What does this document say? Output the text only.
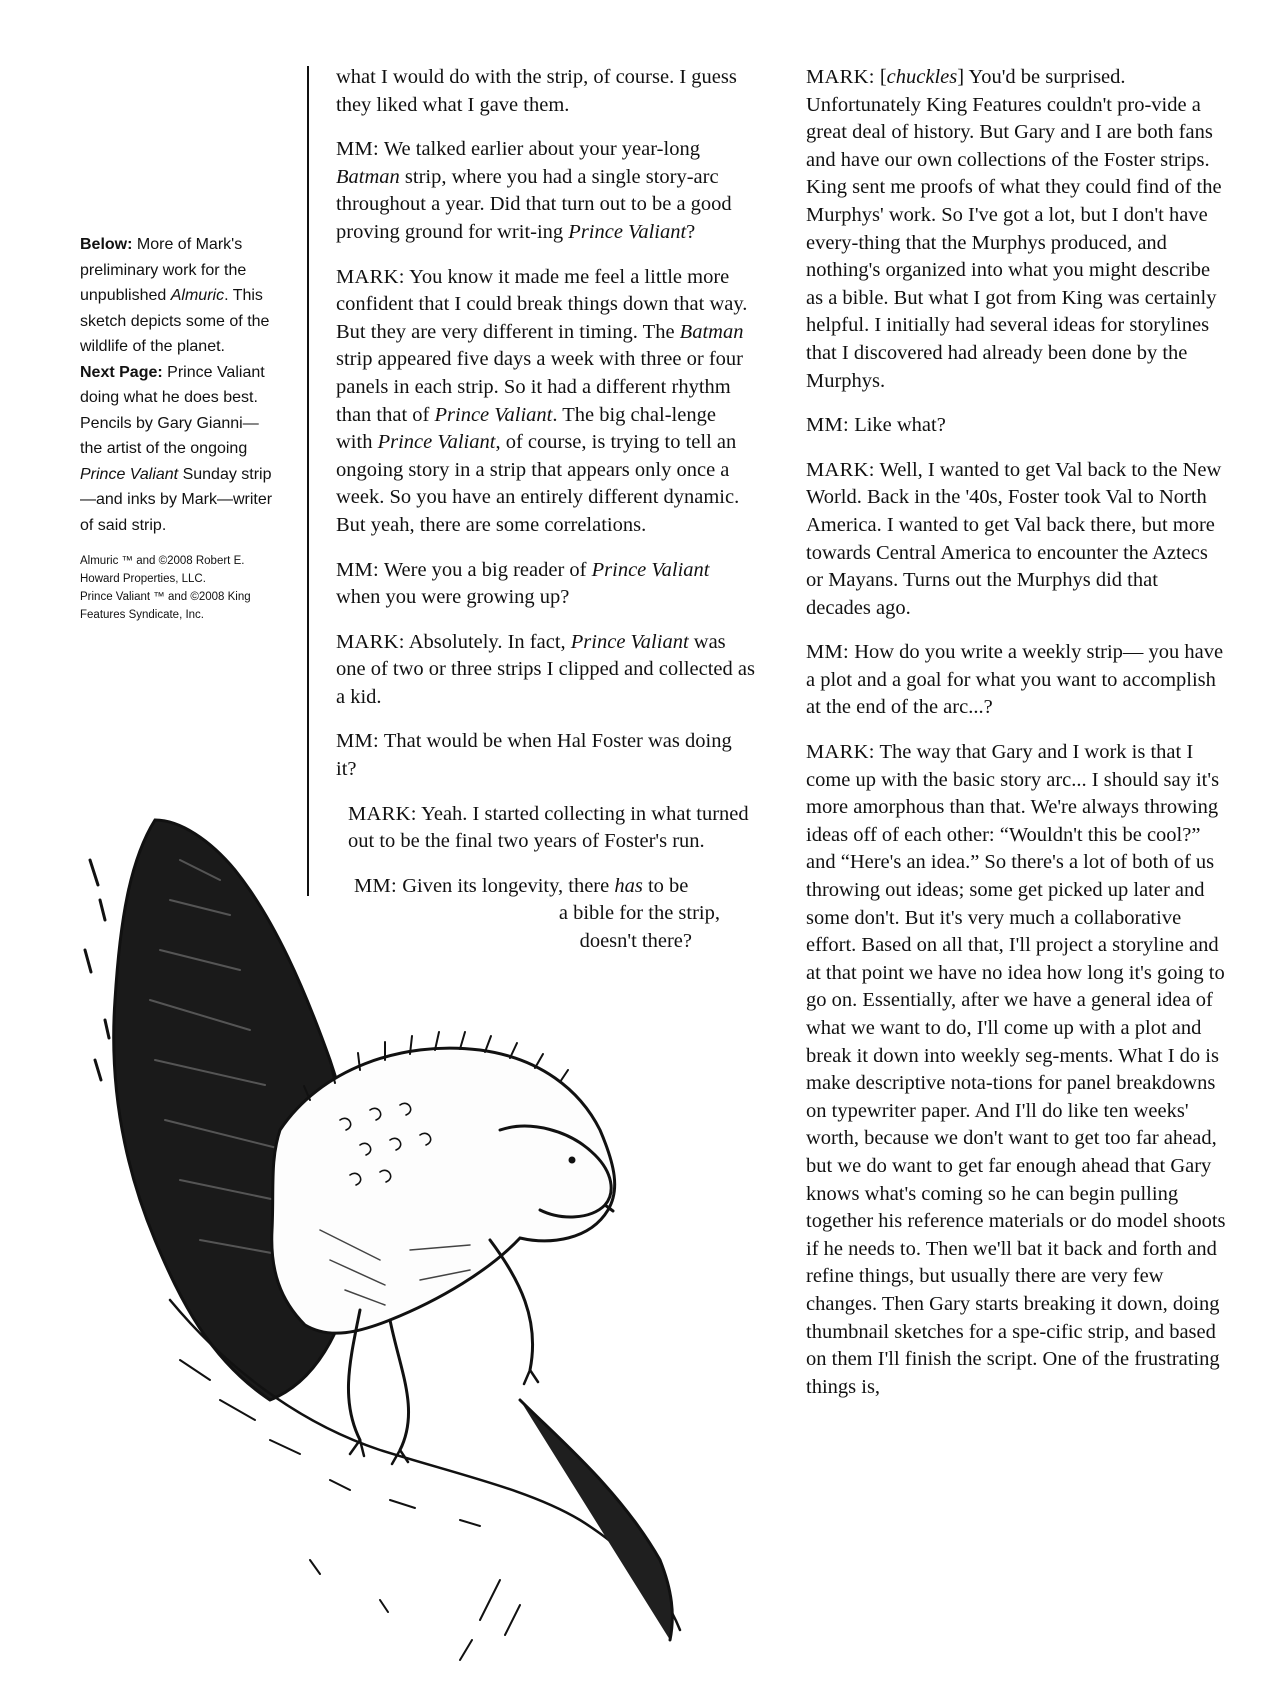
Below: More of Mark's preliminary work for the unpublished Almuric. This sketch depicts some of the wildlife of the planet.

Next Page: Prince Valiant doing what he does best. Pencils by Gary Gianni—the artist of the ongoing Prince Valiant Sunday strip—and inks by Mark—writer of said strip.

Almuric ™ and ©2008 Robert E. Howard Properties, LLC.

Prince Valiant ™ and ©2008 King Features Syndicate, Inc.

what I would do with the strip, of course. I guess they liked what I gave them.

MM: We talked earlier about your year-long Batman strip, where you had a single story-arc throughout a year. Did that turn out to be a good proving ground for writ-ing Prince Valiant?

MARK: You know it made me feel a little more confident that I could break things down that way. But they are very different in timing. The Batman strip appeared five days a week with three or four panels in each strip. So it had a different rhythm than that of Prince Valiant. The big chal-lenge with Prince Valiant, of course, is trying to tell an ongoing story in a strip that appears only once a week. So you have an entirely different dynamic. But yeah, there are some correlations.

MM: Were you a big reader of Prince Valiant when you were growing up?

MARK: Absolutely. In fact, Prince Valiant was one of two or three strips I clipped and collected as a kid.

MM: That would be when Hal Foster was doing it?

MARK: Yeah. I started collecting in what turned out to be the final two years of Foster's run.

MM: Given its longevity, there has to be
a bible for the strip,
doesn't there?

MARK: [chuckles] You'd be surprised. Unfortunately King Features couldn't pro-vide a great deal of history. But Gary and I are both fans and have our own collections of the Foster strips. King sent me proofs of what they could find of the Murphys' work. So I've got a lot, but I don't have every-thing that the Murphys produced, and nothing's organized into what you might describe as a bible. But what I got from King was certainly helpful. I initially had several ideas for storylines that I discovered had already been done by the Murphys.

MM: Like what?

MARK: Well, I wanted to get Val back to the New World. Back in the '40s, Foster took Val to North America. I wanted to get Val back there, but more towards Central America to encounter the Aztecs or Mayans. Turns out the Murphys did that decades ago.

MM: How do you write a weekly strip— you have a plot and a goal for what you want to accomplish at the end of the arc...?

MARK: The way that Gary and I work is that I come up with the basic story arc... I should say it's more amorphous than that. We're always throwing ideas off of each other: “Wouldn't this be cool?” and “Here's an idea.” So there's a lot of both of us throwing out ideas; some get picked up later and some don't. But it's very much a collaborative effort. Based on all that, I'll project a storyline and at that point we have no idea how long it's going to go on. Essentially, after we have a general idea of what we want to do, I'll come up with a plot and break it down into weekly seg-ments. What I do is make descriptive nota-tions for panel breakdowns on typewriter paper. And I'll do like ten weeks' worth, because we don't want to get too far ahead, but we do want to get far enough ahead that Gary knows what's coming so he can begin pulling together his reference materials or do model shoots if he needs to. Then we'll bat it back and forth and refine things, but usually there are very few changes. Then Gary starts breaking it down, doing thumbnail sketches for a spe-cific strip, and based on them I'll finish the script. One of the frustrating things is,
